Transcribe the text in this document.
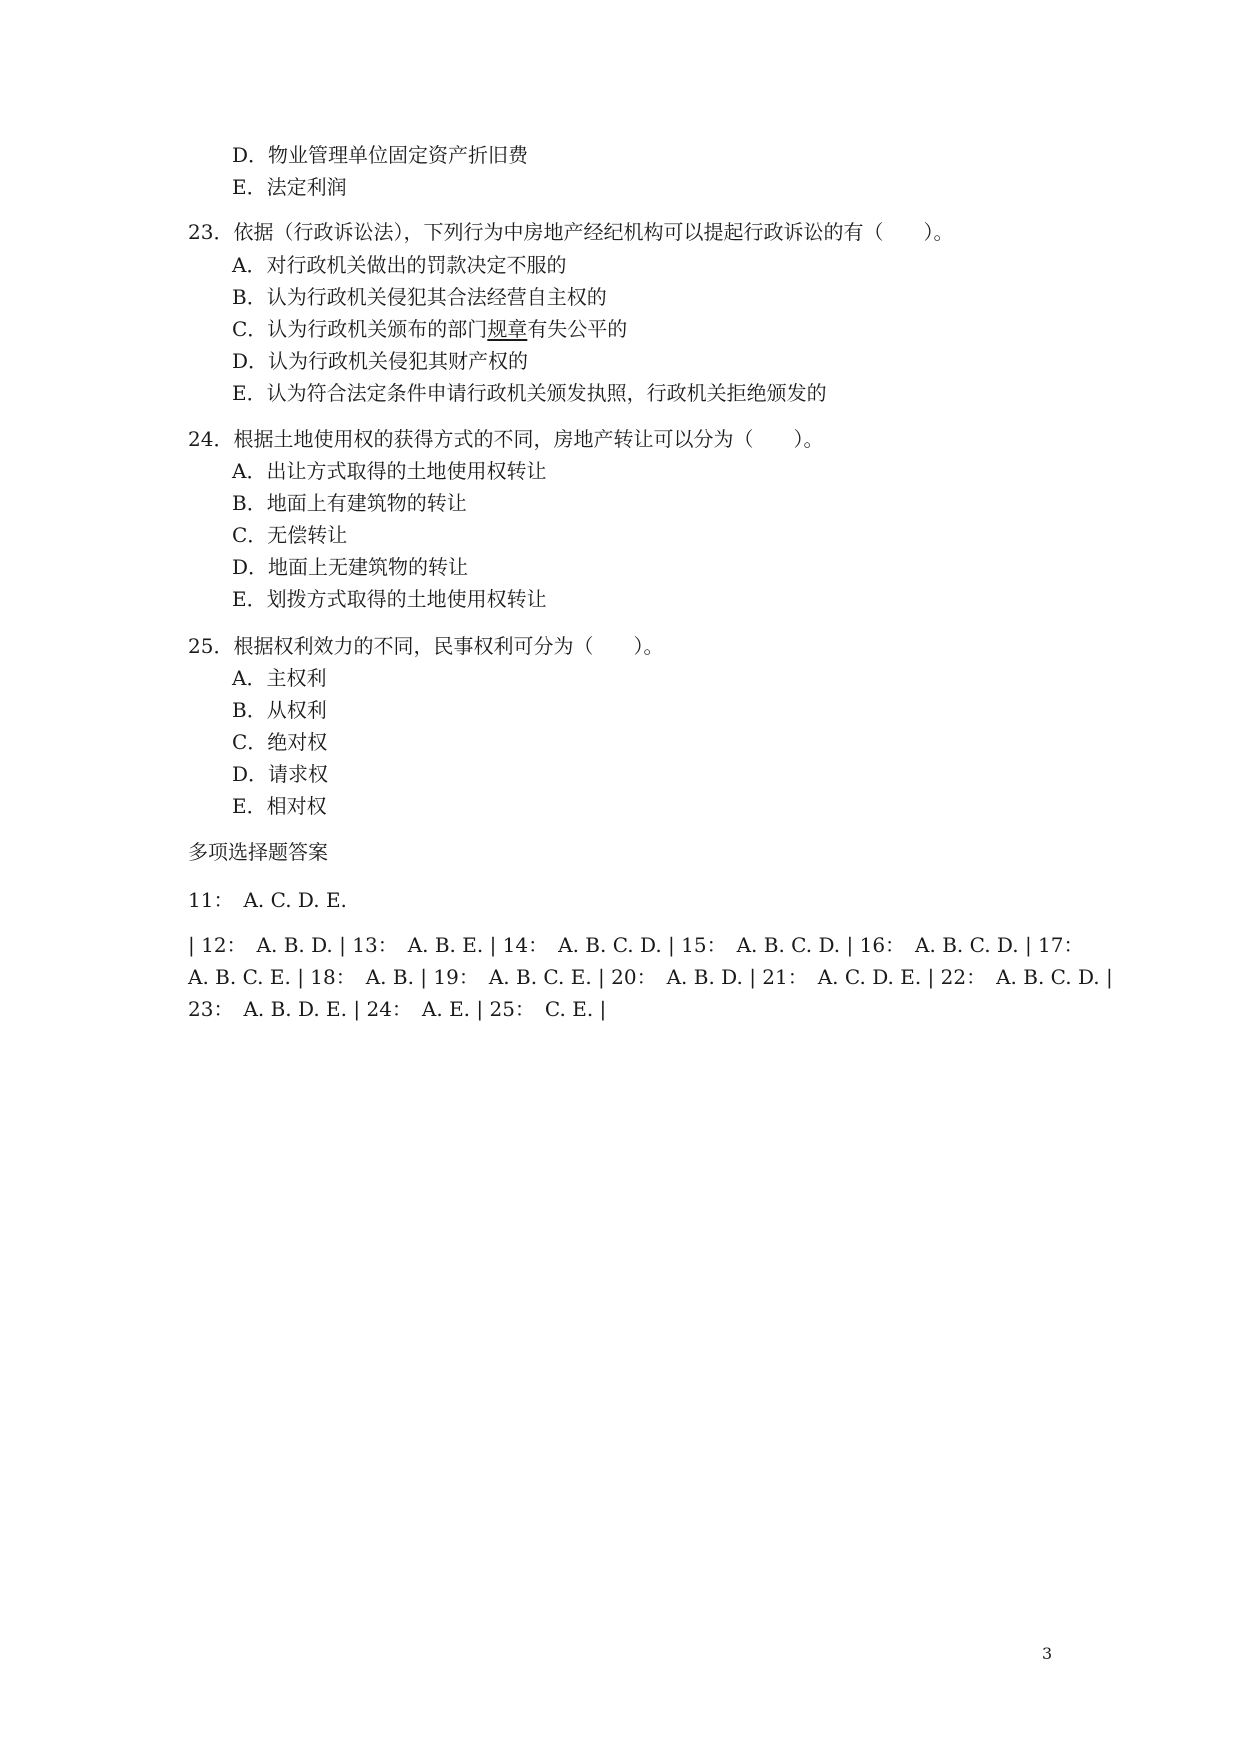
D．物业管理单位固定资产折旧费
E．法定利润
23．依据（行政诉讼法），下列行为中房地产经纪机构可以提起行政诉讼的有（　　）。
A．对行政机关做出的罚款决定不服的
B．认为行政机关侵犯其合法经营自主权的
C．认为行政机关颁布的部门规章有失公平的
D．认为行政机关侵犯其财产权的
E．认为符合法定条件申请行政机关颁发执照，行政机关拒绝颁发的
24．根据土地使用权的获得方式的不同，房地产转让可以分为（　　）。
A．出让方式取得的土地使用权转让
B．地面上有建筑物的转让
C．无偿转让
D．地面上无建筑物的转让
E．划拨方式取得的土地使用权转让
25．根据权利效力的不同，民事权利可分为（　　）。
A．主权利
B．从权利
C．绝对权
D．请求权
E．相对权
多项选择题答案
11：　A. C. D. E.
| 12：　A. B. D. | 13：　A. B. E. | 14：　A. B. C. D. | 15：　A. B. C. D. | 16：　A. B. C. D. | 17：
A. B. C. E. | 18：　A. B. | 19：　A. B. C. E. | 20：　A. B. D. | 21：　A. C. D. E. | 22：　A. B. C. D. |
23：　A. B. D. E. | 24：　A. E. | 25：　C. E. |
3
